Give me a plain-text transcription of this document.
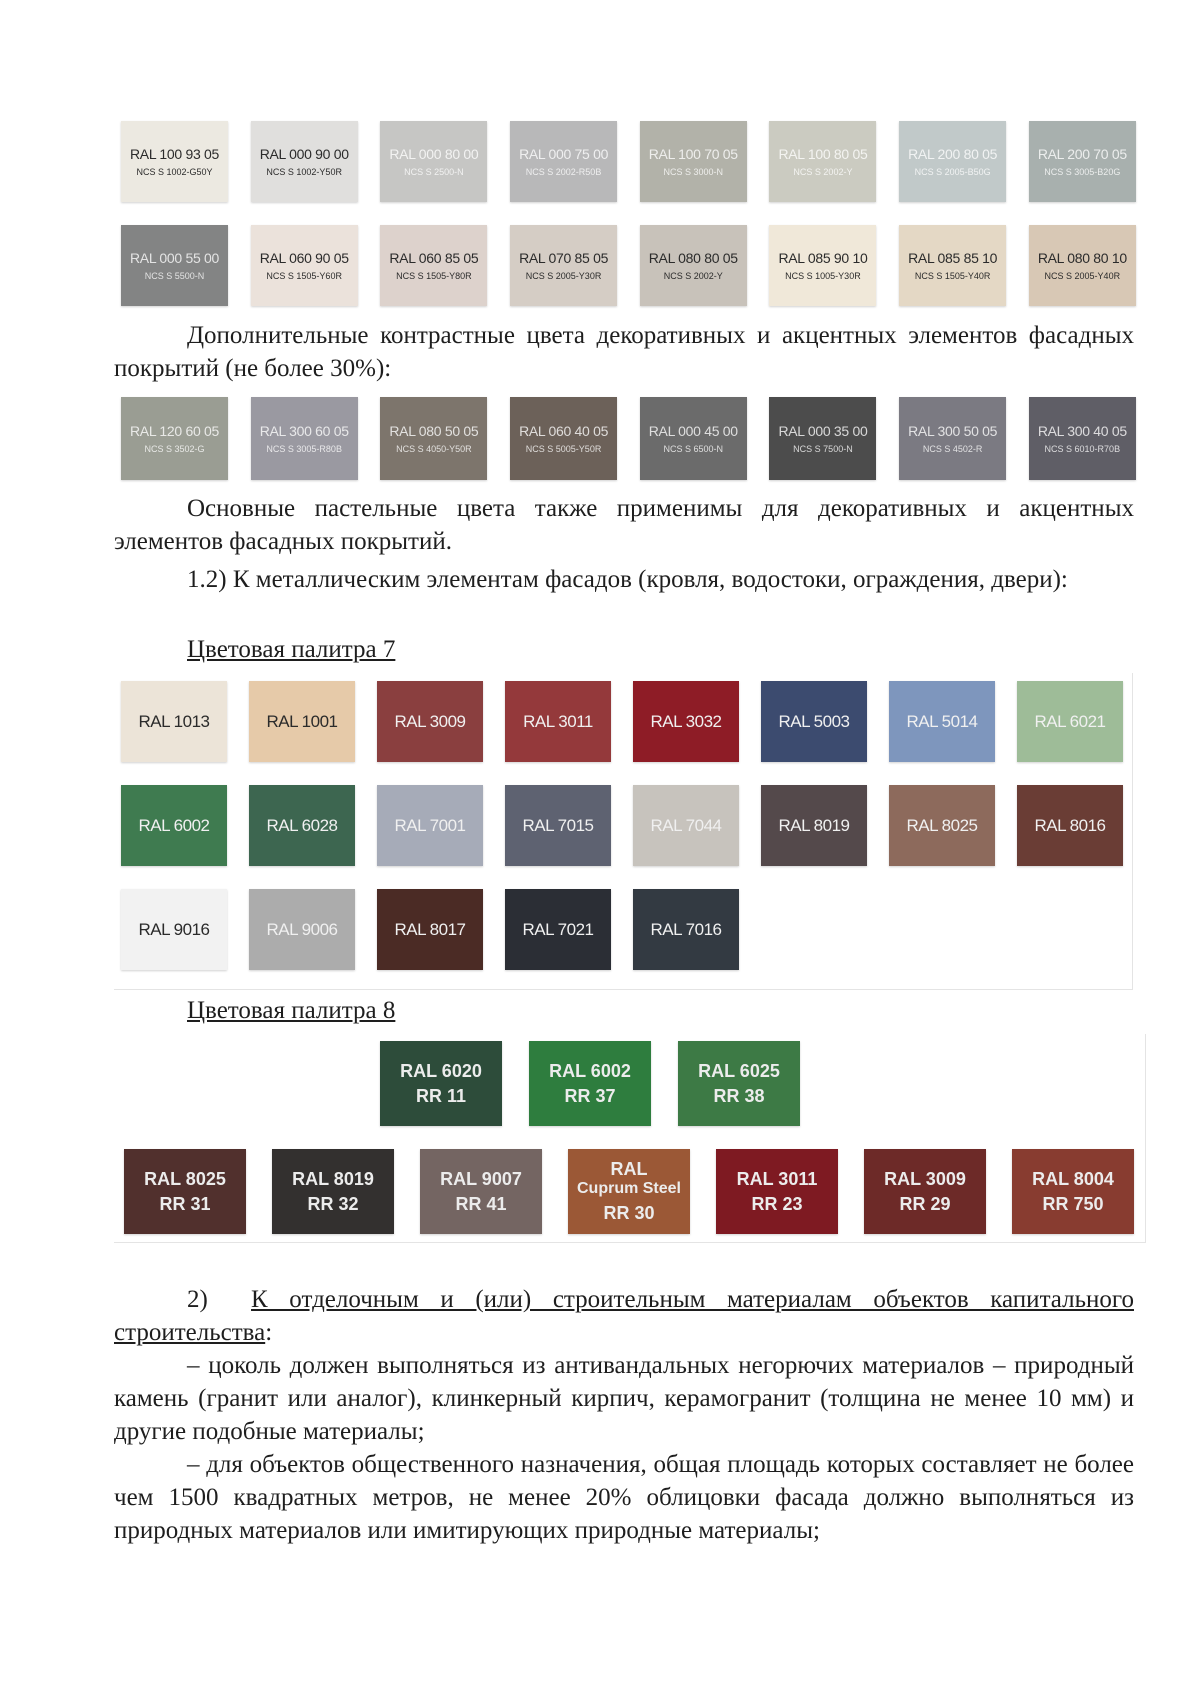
RAL 100 93 05
NCS S 1002-G50Y
RAL 000 90 00
NCS S 1002-Y50R
RAL 000 80 00
NCS S 2500-N
RAL 000 75 00
NCS S 2002-R50B
RAL 100 70 05
NCS S 3000-N
RAL 100 80 05
NCS S 2002-Y
RAL 200 80 05
NCS S 2005-B50G
RAL 200 70 05
NCS S 3005-B20G
RAL 000 55 00
NCS S 5500-N
RAL 060 90 05
NCS S 1505-Y60R
RAL 060 85 05
NCS S 1505-Y80R
RAL 070 85 05
NCS S 2005-Y30R
RAL 080 80 05
NCS S 2002-Y
RAL 085 90 10
NCS S 1005-Y30R
RAL 085 85 10
NCS S 1505-Y40R
RAL 080 80 10
NCS S 2005-Y40R

Дополнительные контрастные цвета декоративных и акцентных элементов фасадных покрытий (не более 30%):

RAL 120 60 05
NCS S 3502-G
RAL 300 60 05
NCS S 3005-R80B
RAL 080 50 05
NCS S 4050-Y50R
RAL 060 40 05
NCS S 5005-Y50R
RAL 000 45 00
NCS S 6500-N
RAL 000 35 00
NCS S 7500-N
RAL 300 50 05
NCS S 4502-R
RAL 300 40 05
NCS S 6010-R70B

Основные пастельные цвета также применимы для декоративных и акцентных элементов фасадных покрытий.

1.2) К металлическим элементам фасадов (кровля, водостоки, ограждения, двери):

Цветовая палитра 7

RAL 1013	RAL 1001	RAL 3009	RAL 3011	RAL 3032	RAL 5003	RAL 5014	RAL 6021
RAL 6002	RAL 6028	RAL 7001	RAL 7015	RAL 7044	RAL 8019	RAL 8025	RAL 8016
RAL 9016	RAL 9006	RAL 8017	RAL 7021	RAL 7016

Цветовая палитра 8

RAL 6020
RR 11
RAL 6002
RR 37
RAL 6025
RR 38
RAL 8025
RR 31
RAL 8019
RR 32
RAL 9007
RR 41
RAL
Cuprum Steel
RR 30
RAL 3011
RR 23
RAL 3009
RR 29
RAL 8004
RR 750

2) К отделочным и (или) строительным материалам объектов капитального строительства:

– цоколь должен выполняться из антивандальных негорючих материалов – природный камень (гранит или аналог), клинкерный кирпич, керамогранит (толщина не менее 10 мм) и другие подобные материалы;

– для объектов общественного назначения, общая площадь которых составляет не более чем 1500 квадратных метров, не менее 20% облицовки фасада должно выполняться из природных материалов или имитирующих природные материалы;
